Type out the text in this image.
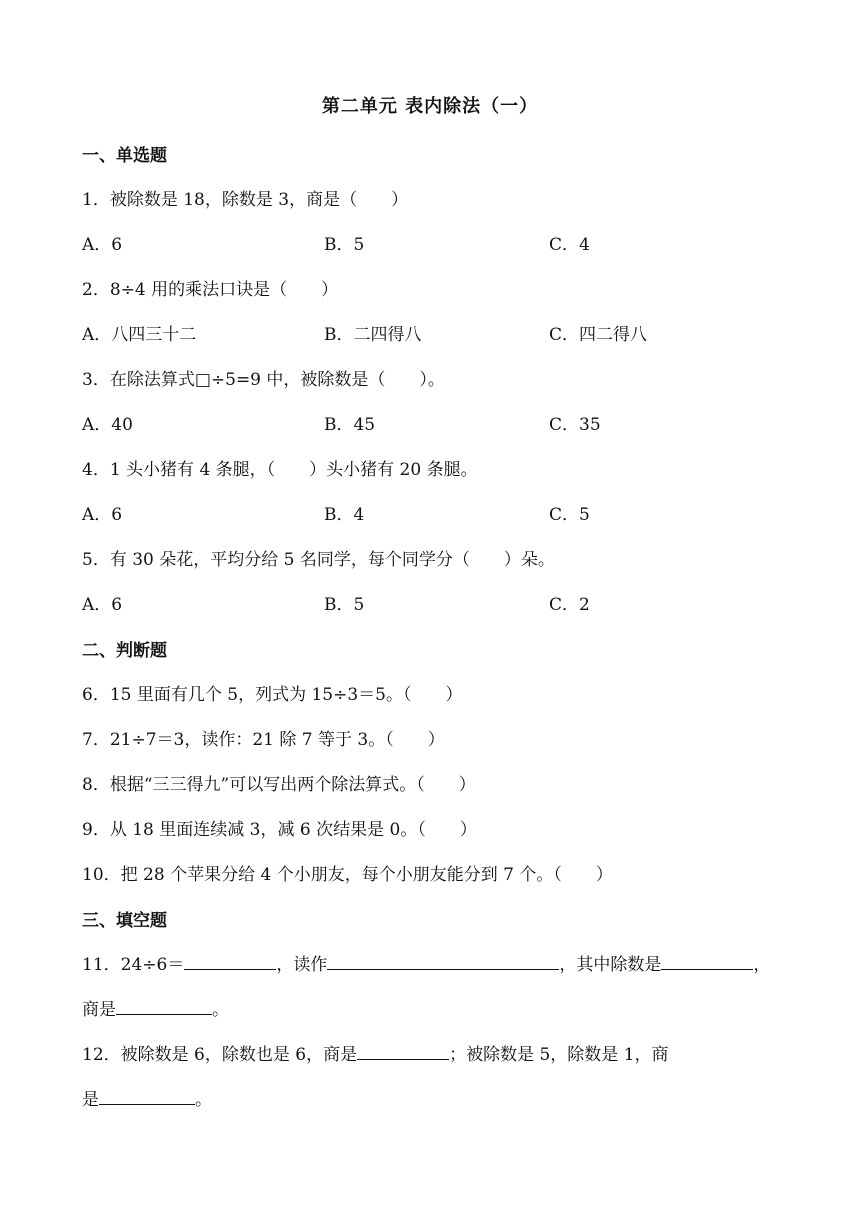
第二单元 表内除法（一）
一、单选题
1．被除数是 18，除数是 3，商是（　　）
A．6	B．5	C．4
2．8÷4 用的乘法口诀是（　　）
A．八四三十二	B．二四得八	C．四二得八
3．在除法算式□÷5=9 中，被除数是（　　）。
A．40	B．45	C．35
4．1 头小猪有 4 条腿，（　　）头小猪有 20 条腿。
A．6	B．4	C．5
5．有 30 朵花，平均分给 5 名同学，每个同学分（　　）朵。
A．6	B．5	C．2
二、判断题
6．15 里面有几个 5，列式为 15÷3＝5。（　　）
7．21÷7＝3，读作：21 除 7 等于 3。（　　）
8．根据“三三得九”可以写出两个除法算式。（　　）
9．从 18 里面连续减 3，减 6 次结果是 0。（　　）
10．把 28 个苹果分给 4 个小朋友，每个小朋友能分到 7 个。（　　）
三、填空题
11．24÷6＝	，读作	，其中除数是	，
商是	。
12．被除数是 6，除数也是 6，商是	；被除数是 5，除数是 1，商
是	。
